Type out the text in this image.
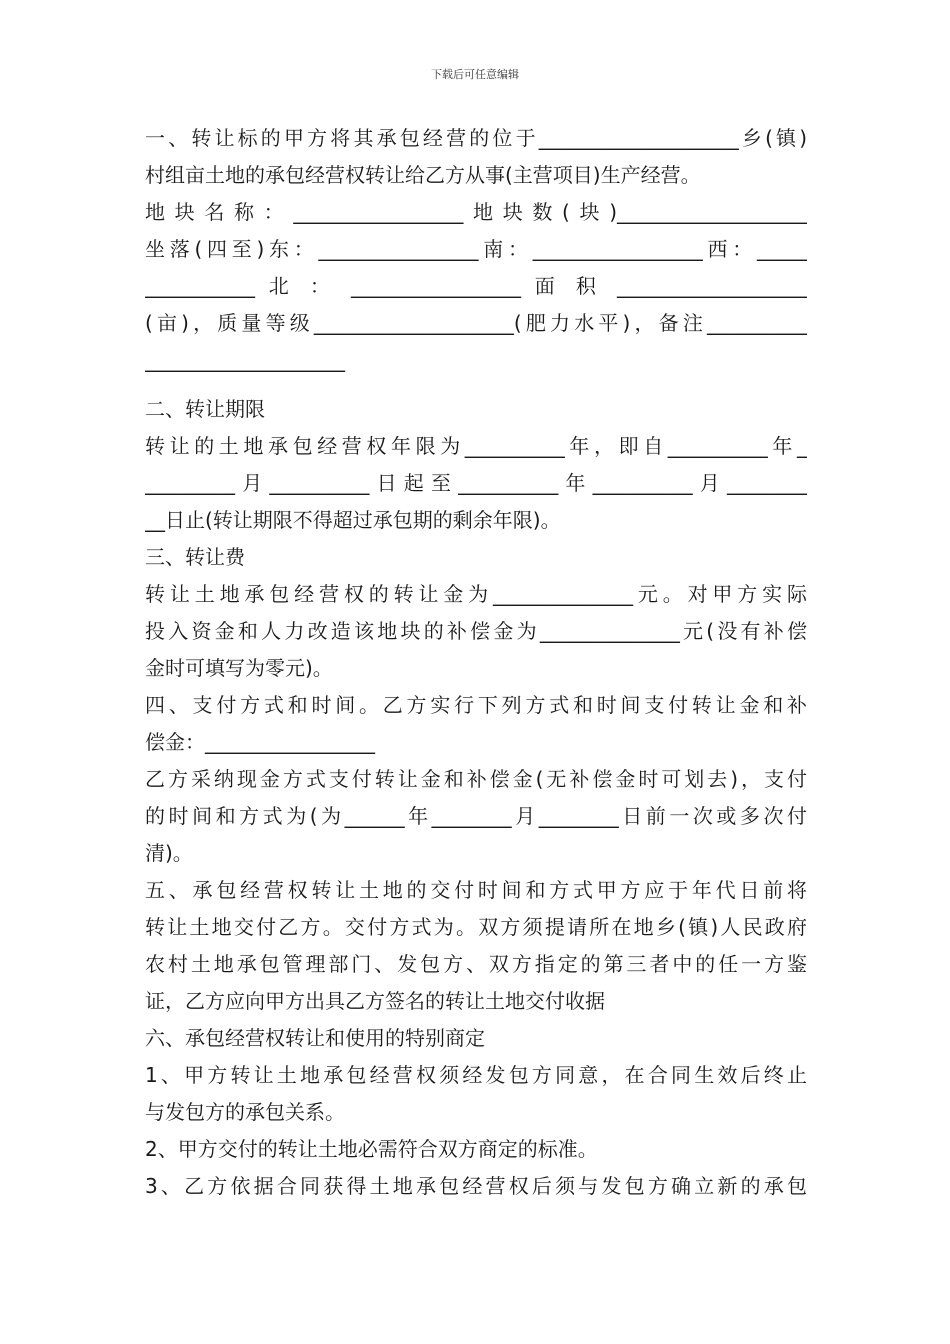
下载后可任意编辑
一、转让标的甲方将其承包经营的位于____________________乡(镇)
村组亩土地的承包经营权转让给乙方从事(主营项目)生产经营。
地块名称：_________________地块数(块)___________________
坐落(四至)东：________________南：_________________西：_____
___________ 北 ： _________________ 面 积 ___________________
(亩)，质量等级____________________(肥力水平)，备注__________
____________________
二、转让期限
转让的土地承包经营权年限为__________年，即自__________年_
_________月__________日起至__________年__________月________
__日止(转让期限不得超过承包期的剩余年限)。
三、转让费
转让土地承包经营权的转让金为______________元。对甲方实际
投入资金和人力改造该地块的补偿金为______________元(没有补偿
金时可填写为零元)。
四、支付方式和时间。乙方实行下列方式和时间支付转让金和补
偿金：_________________
乙方采纳现金方式支付转让金和补偿金(无补偿金时可划去)，支付
的时间和方式为(为______年________月________日前一次或多次付
清)。
五、承包经营权转让土地的交付时间和方式甲方应于年代日前将
转让土地交付乙方。交付方式为。双方须提请所在地乡(镇)人民政府
农村土地承包管理部门、发包方、双方指定的第三者中的任一方鉴
证，乙方应向甲方出具乙方签名的转让土地交付收据
六、承包经营权转让和使用的特别商定
1、甲方转让土地承包经营权须经发包方同意，在合同生效后终止
与发包方的承包关系。
2、甲方交付的转让土地必需符合双方商定的标准。
3、乙方依据合同获得土地承包经营权后须与发包方确立新的承包
